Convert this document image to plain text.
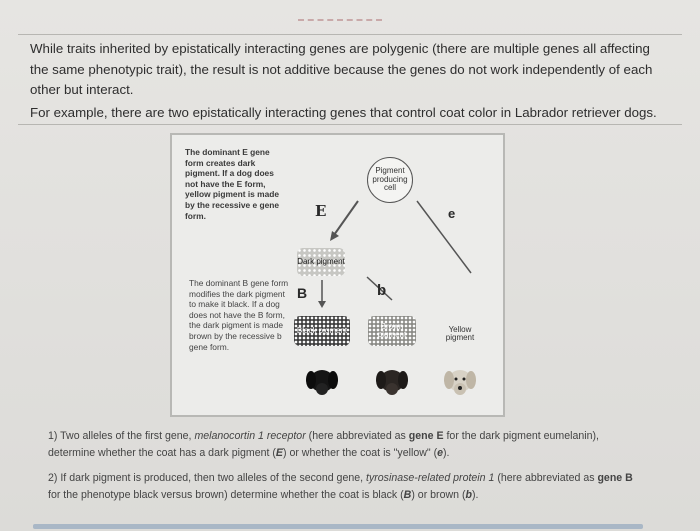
While traits inherited by epistatically interacting genes are polygenic (there are multiple genes all affecting the same phenotypic trait), the result is not additive because the genes do not work independently of each other but interact.
For example, there are two epistatically interacting genes that control coat color in Labrador retriever dogs.
The dominant E gene form creates dark pigment. If a dog does not have the E form, yellow pigment is made by the recessive e gene form.
The dominant B gene form modifies the dark pigment to make it black. If a dog does not have the B form, the dark pigment is made brown by the recessive b gene form.
Pigment producing cell
E	e
B	b
Dark pigment
Black pigment	Brown pigment
Yellow pigment
1) Two alleles of the first gene, melanocortin 1 receptor (here abbreviated as gene E for the dark pigment eumelanin), determine whether the coat has a dark pigment (E) or whether the coat is "yellow" (e).
2) If dark pigment is produced, then two alleles of the second gene, tyrosinase-related protein 1 (here abbreviated as gene B for the phenotype black versus brown) determine whether the coat is black (B) or brown (b).
